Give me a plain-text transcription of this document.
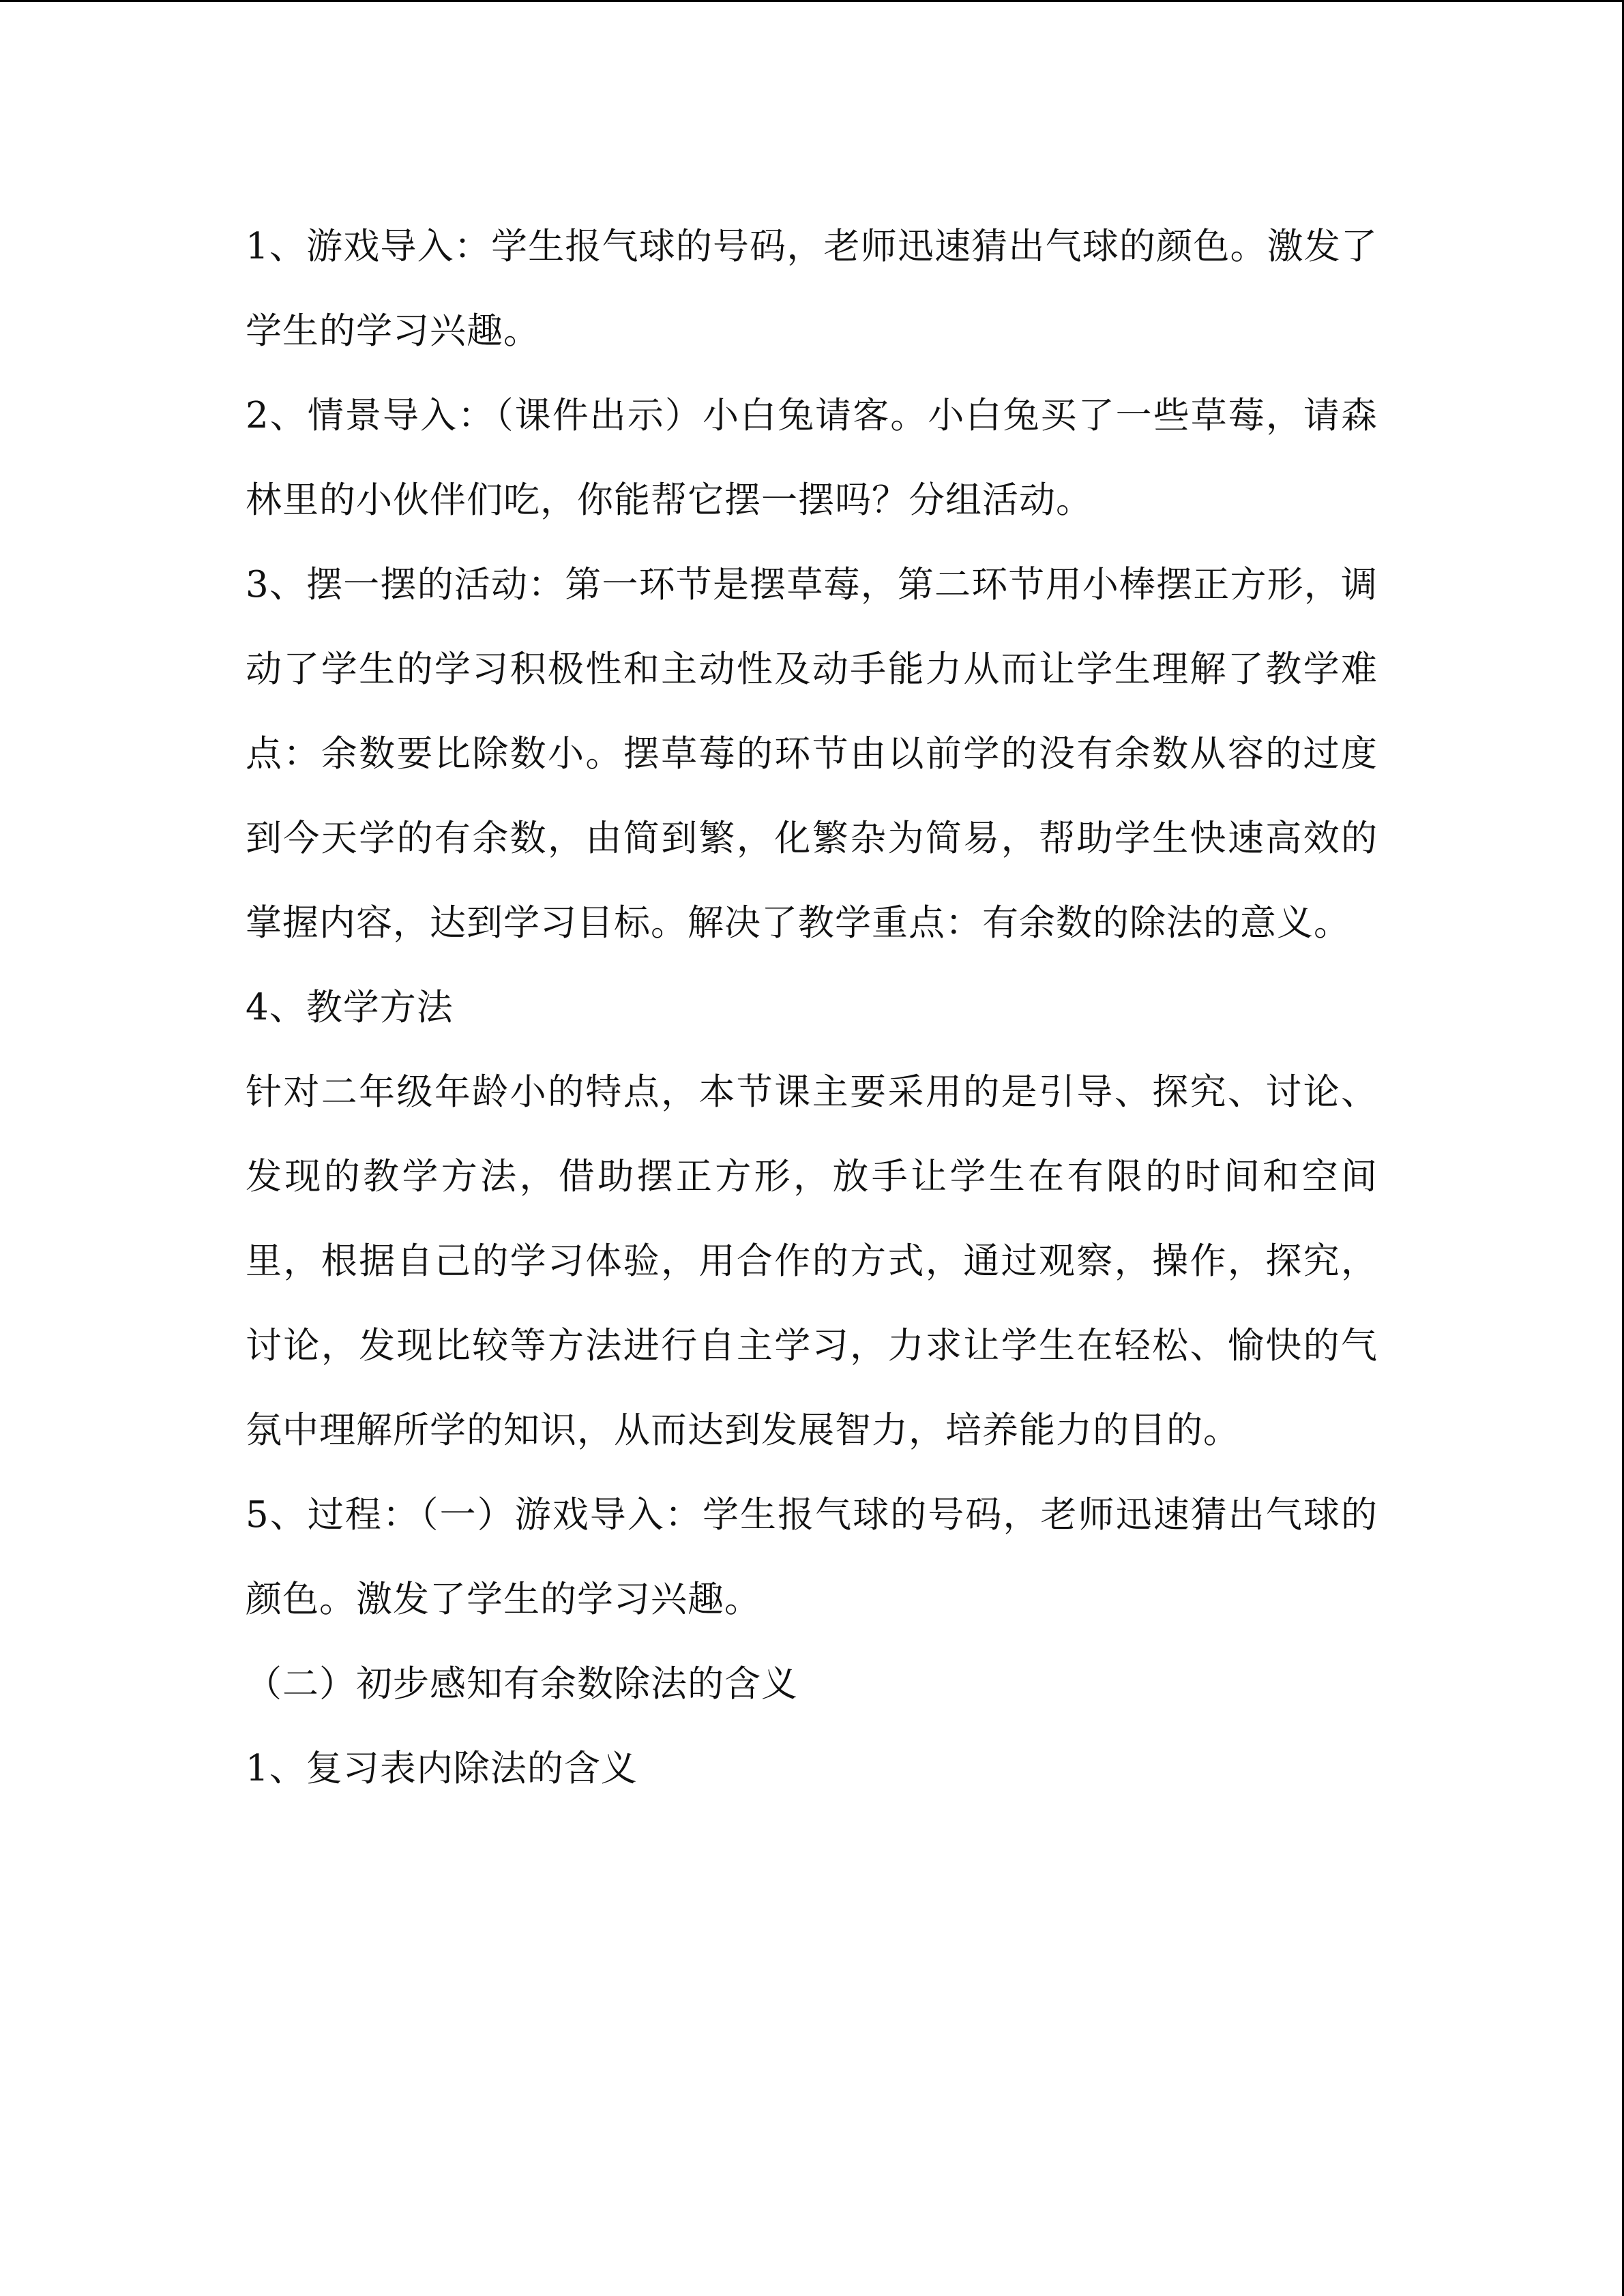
1、游戏导入：学生报气球的号码，老师迅速猜出气球的颜色。激发了学生的学习兴趣。

2、情景导入：（课件出示）小白兔请客。小白兔买了一些草莓，请森林里的小伙伴们吃，你能帮它摆一摆吗？分组活动。

3、摆一摆的活动：第一环节是摆草莓，第二环节用小棒摆正方形，调动了学生的学习积极性和主动性及动手能力从而让学生理解了教学难点：余数要比除数小。摆草莓的环节由以前学的没有余数从容的过度到今天学的有余数，由简到繁，化繁杂为简易，帮助学生快速高效的掌握内容，达到学习目标。解决了教学重点：有余数的除法的意义。

4、教学方法

针对二年级年龄小的特点，本节课主要采用的是引导、探究、讨论、发现的教学方法，借助摆正方形，放手让学生在有限的时间和空间里，根据自己的学习体验，用合作的方式，通过观察，操作，探究，讨论，发现比较等方法进行自主学习，力求让学生在轻松、愉快的气氛中理解所学的知识，从而达到发展智力，培养能力的目的。

5、过程：（一）游戏导入：学生报气球的号码，老师迅速猜出气球的颜色。激发了学生的学习兴趣。

（二）初步感知有余数除法的含义

1、复习表内除法的含义
